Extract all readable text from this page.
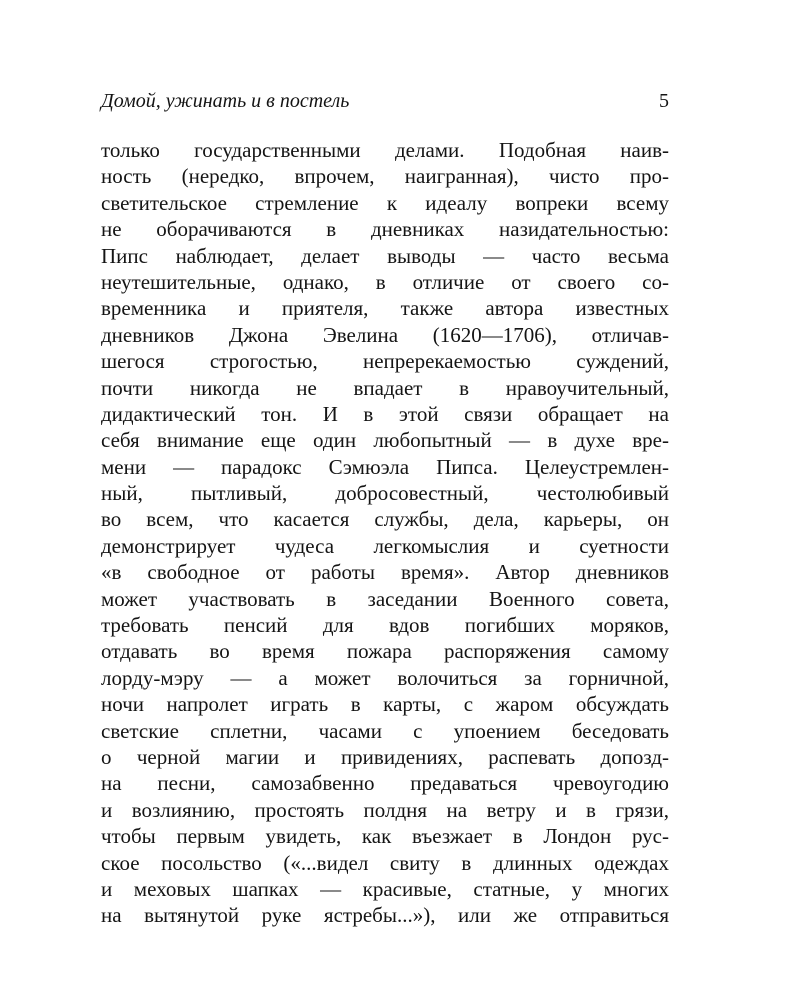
Домой, ужинать и в постель	5
только государственными делами. Подобная наив-
ность (нередко, впрочем, наигранная), чисто про-
светительское стремление к идеалу вопреки всему
не оборачиваются в дневниках назидательностью:
Пипс наблюдает, делает выводы — часто весьма
неутешительные, однако, в отличие от своего со-
временника и приятеля, также автора известных
дневников Джона Эвелина (1620—1706), отличав-
шегося строгостью, непререкаемостью суждений,
почти никогда не впадает в нравоучительный,
дидактический тон. И в этой связи обращает на
себя внимание еще один любопытный — в духе вре-
мени — парадокс Сэмюэла Пипса. Целеустремлен-
ный, пытливый, добросовестный, честолюбивый
во всем, что касается службы, дела, карьеры, он
демонстрирует чудеса легкомыслия и суетности
«в свободное от работы время». Автор дневников
может участвовать в заседании Военного совета,
требовать пенсий для вдов погибших моряков,
отдавать во время пожара распоряжения самому
лорду-мэру — а может волочиться за горничной,
ночи напролет играть в карты, с жаром обсуждать
светские сплетни, часами с упоением беседовать
о черной магии и привидениях, распевать допозд-
на песни, самозабвенно предаваться чревоугодию
и возлиянию, простоять полдня на ветру и в грязи,
чтобы первым увидеть, как въезжает в Лондон рус-
ское посольство («...видел свиту в длинных одеждах
и меховых шапках — красивые, статные, у многих
на вытянутой руке ястребы...»), или же отправиться
